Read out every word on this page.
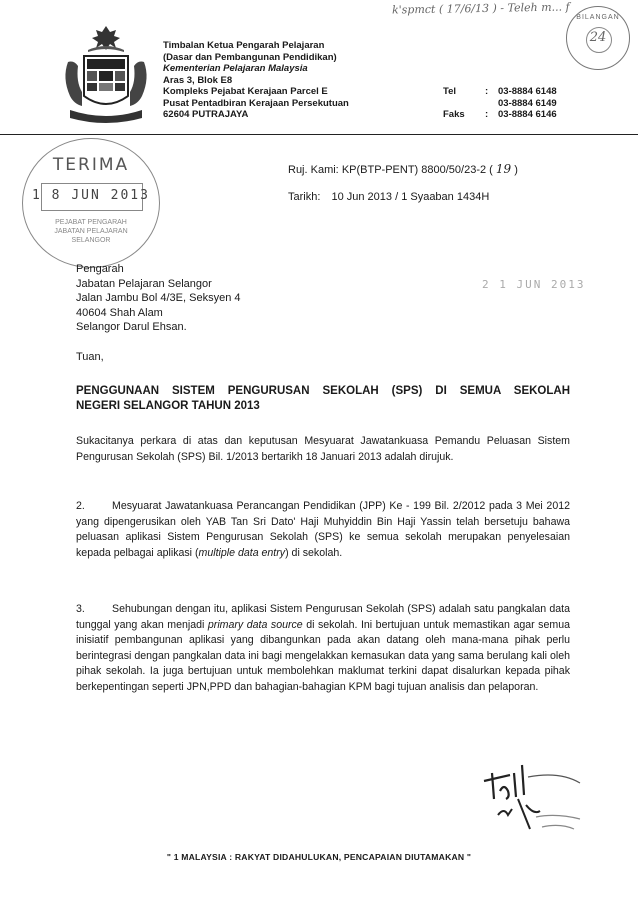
k'spmct ( 17/6/13 ) - Teleh m... f
BILANGAN
24
Timbalan Ketua Pengarah Pelajaran
(Dasar dan Pembangunan Pendidikan)
Kementerian Pelajaran Malaysia
Aras 3, Blok E8
Kompleks Pejabat Kerajaan Parcel E
Pusat Pentadbiran Kerajaan Persekutuan
62604 PUTRAJAYA
Tel
Faks
:
:
03-8884 6148
03-8884 6149
03-8884 6146
TERIMA
1 8 JUN 2013
PEJABAT PENGARAH
JABATAN PELAJARAN
SELANGOR
Ruj. Kami: KP(BTP-PENT) 8800/50/23-2 ( 19 )
Tarikh: 10 Jun 2013 / 1 Syaaban 1434H
Pengarah
Jabatan Pelajaran Selangor
Jalan Jambu Bol 4/3E, Seksyen 4
40604 Shah Alam
Selangor Darul Ehsan.
2 1 JUN 2013
Tuan,
PENGGUNAAN SISTEM PENGURUSAN SEKOLAH (SPS) DI SEMUA SEKOLAH
NEGERI SELANGOR TAHUN 2013
Sukacitanya perkara di atas dan keputusan Mesyuarat Jawatankuasa Pemandu Peluasan Sistem Pengurusan Sekolah (SPS) Bil. 1/2013 bertarikh 18 Januari 2013 adalah dirujuk.
2.	Mesyuarat Jawatankuasa Perancangan Pendidikan (JPP) Ke - 199 Bil. 2/2012 pada 3 Mei 2012 yang dipengerusikan oleh YAB Tan Sri Dato' Haji Muhyiddin Bin Haji Yassin telah bersetuju bahawa peluasan aplikasi Sistem Pengurusan Sekolah (SPS) ke semua sekolah merupakan penyelesaian kepada pelbagai aplikasi (multiple data entry) di sekolah.
3.	Sehubungan dengan itu, aplikasi Sistem Pengurusan Sekolah (SPS) adalah satu pangkalan data tunggal yang akan menjadi primary data source di sekolah. Ini bertujuan untuk memastikan agar semua inisiatif pembangunan aplikasi yang dibangunkan pada akan datang oleh mana-mana pihak perlu berintegrasi dengan pangkalan data ini bagi mengelakkan kemasukan data yang sama berulang kali oleh pihak sekolah. Ia juga bertujuan untuk membolehkan maklumat terkini dapat disalurkan kepada pihak berkepentingan seperti JPN,PPD dan bahagian-bahagian KPM bagi tujuan analisis dan pelaporan.
" 1 MALAYSIA : RAKYAT DIDAHULUKAN, PENCAPAIAN DIUTAMAKAN "
